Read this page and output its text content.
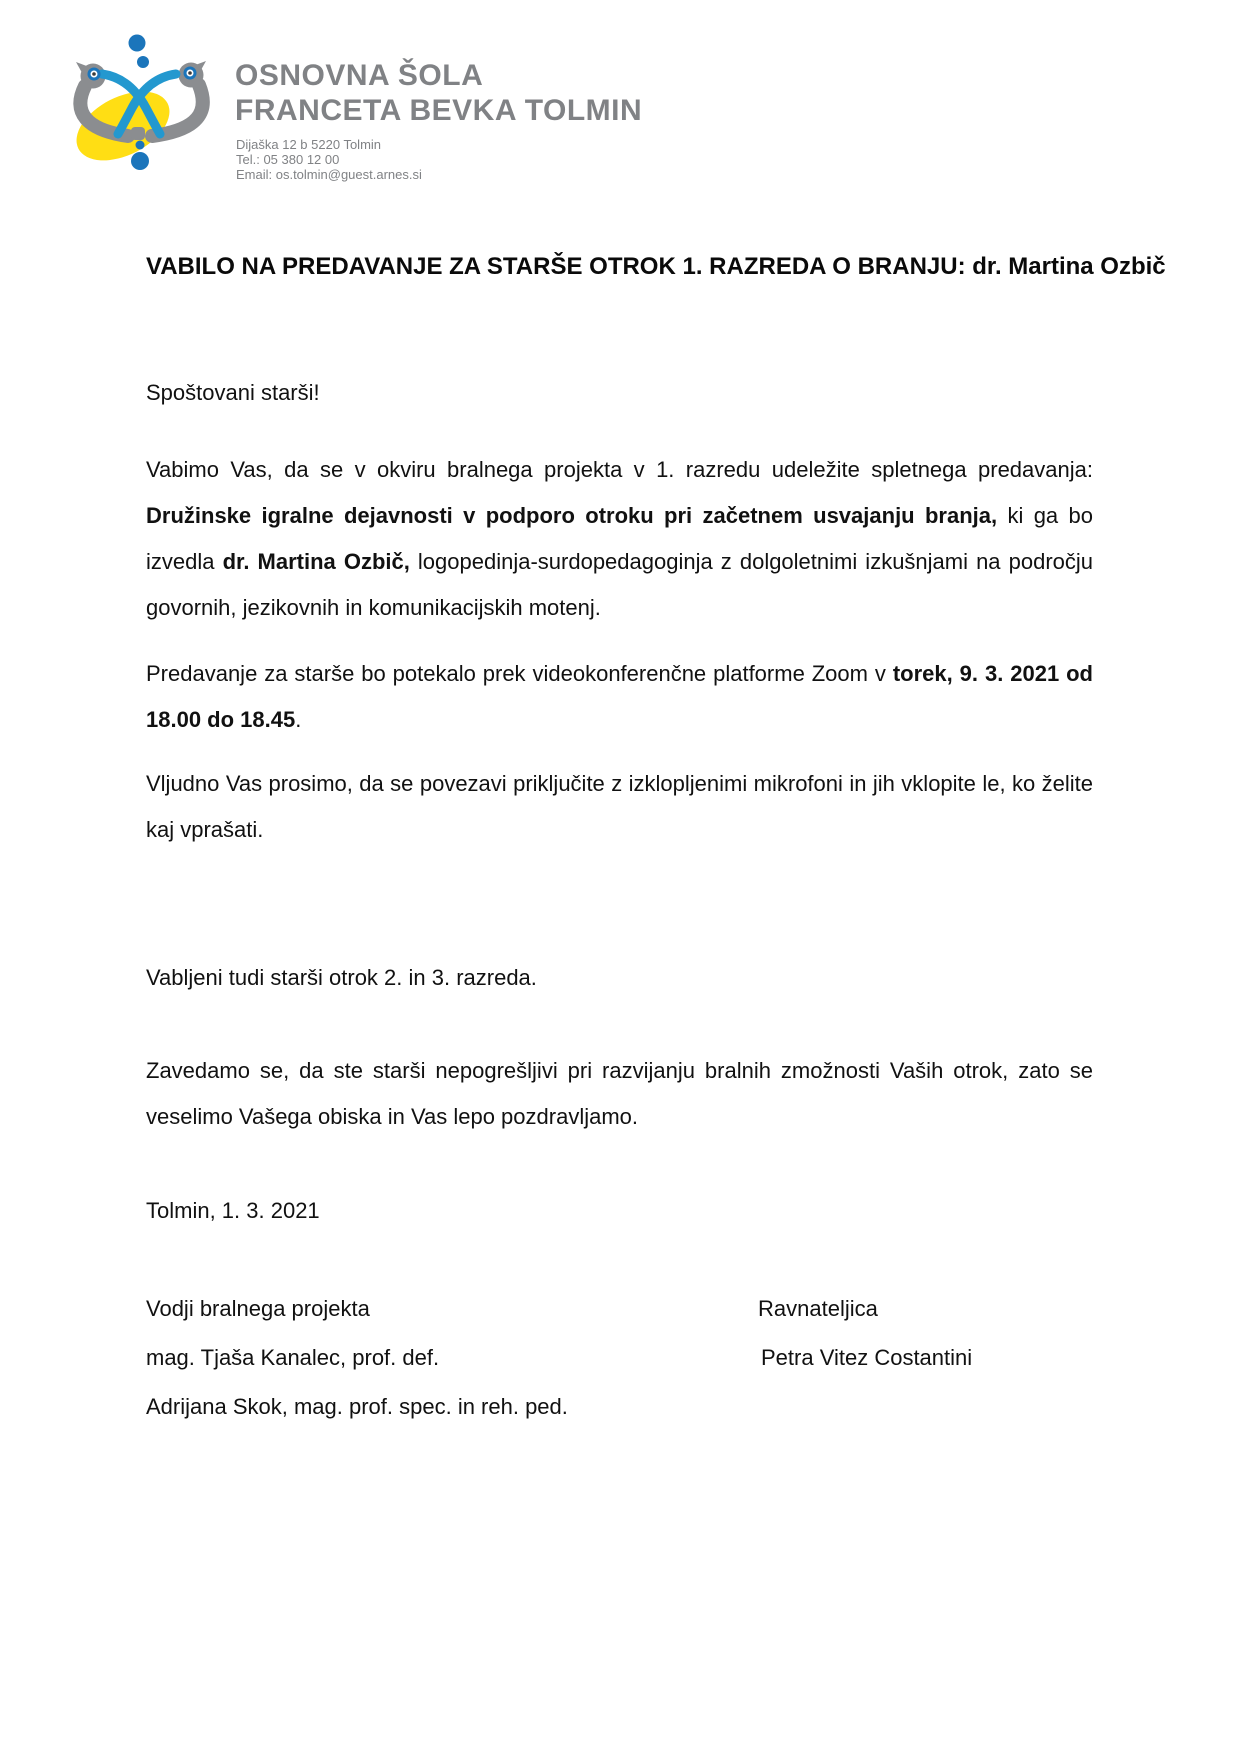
OSNOVNA ŠOLA
FRANCETA BEVKA TOLMIN
Dijaška 12 b 5220 Tolmin
Tel.: 05 380 12 00
Email: os.tolmin@guest.arnes.si
VABILO NA PREDAVANJE ZA STARŠE OTROK 1. RAZREDA O BRANJU: dr. Martina Ozbič
Spoštovani starši!
Vabimo Vas, da se v okviru bralnega projekta v 1. razredu udeležite spletnega predavanja: Družinske igralne dejavnosti v podporo otroku pri začetnem usvajanju branja, ki ga bo izvedla dr. Martina Ozbič, logopedinja-surdopedagoginja z dolgoletnimi izkušnjami na področju govornih, jezikovnih in komunikacijskih motenj.
Predavanje za starše bo potekalo prek videokonferenčne platforme Zoom v torek, 9. 3. 2021 od 18.00 do 18.45.
Vljudno Vas prosimo, da se povezavi priključite z izklopljenimi mikrofoni in jih vklopite le, ko želite kaj vprašati.
Vabljeni tudi starši otrok 2. in 3. razreda.
Zavedamo se, da ste starši nepogrešljivi pri razvijanju bralnih zmožnosti Vaših otrok, zato se veselimo Vašega obiska in Vas lepo pozdravljamo.
Tolmin, 1. 3. 2021
Vodji bralnega projekta	Ravnateljica
mag. Tjaša Kanalec, prof. def.	Petra Vitez Costantini
Adrijana Skok, mag. prof. spec. in reh. ped.
